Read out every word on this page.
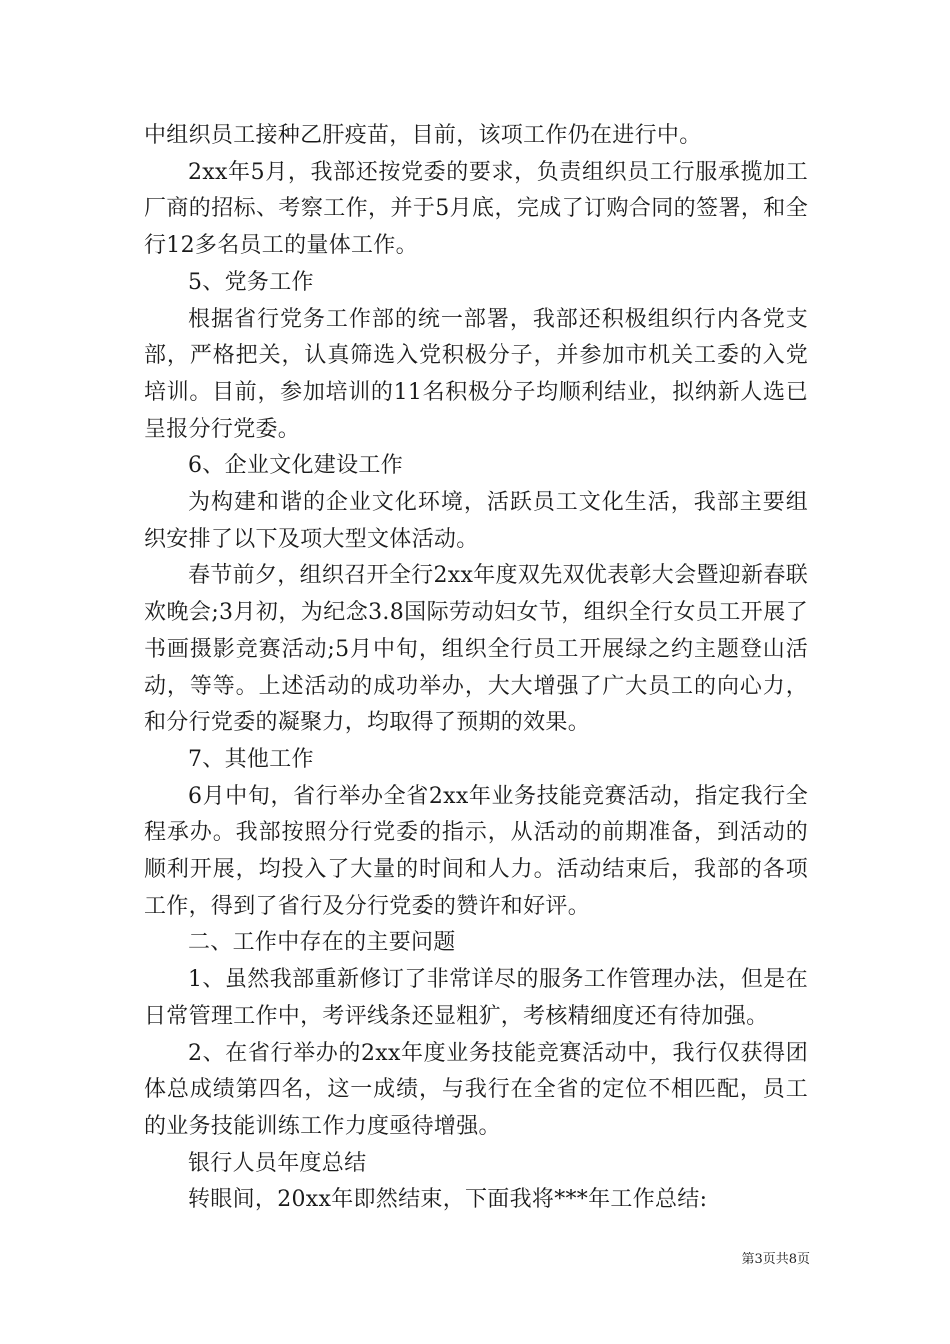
中组织员工接种乙肝疫苗，目前，该项工作仍在进行中。

2xx年5月，我部还按党委的要求，负责组织员工行服承揽加工厂商的招标、考察工作，并于5月底，完成了订购合同的签署，和全行12多名员工的量体工作。

5、党务工作

根据省行党务工作部的统一部署，我部还积极组织行内各党支部，严格把关，认真筛选入党积极分子，并参加市机关工委的入党培训。目前，参加培训的11名积极分子均顺利结业，拟纳新人选已呈报分行党委。

6、企业文化建设工作

为构建和谐的企业文化环境，活跃员工文化生活，我部主要组织安排了以下及项大型文体活动。

春节前夕，组织召开全行2xx年度双先双优表彰大会暨迎新春联欢晚会;3月初，为纪念3.8国际劳动妇女节，组织全行女员工开展了书画摄影竞赛活动;5月中旬，组织全行员工开展绿之约主题登山活动，等等。上述活动的成功举办，大大增强了广大员工的向心力，和分行党委的凝聚力，均取得了预期的效果。

7、其他工作

6月中旬，省行举办全省2xx年业务技能竞赛活动，指定我行全程承办。我部按照分行党委的指示，从活动的前期准备，到活动的顺利开展，均投入了大量的时间和人力。活动结束后，我部的各项工作，得到了省行及分行党委的赞许和好评。

二、工作中存在的主要问题

1、虽然我部重新修订了非常详尽的服务工作管理办法，但是在日常管理工作中，考评线条还显粗犷，考核精细度还有待加强。

2、在省行举办的2xx年度业务技能竞赛活动中，我行仅获得团体总成绩第四名，这一成绩，与我行在全省的定位不相匹配，员工的业务技能训练工作力度亟待增强。

银行人员年度总结

转眼间，20xx年即然结束，下面我将***年工作总结:

第3页共8页
